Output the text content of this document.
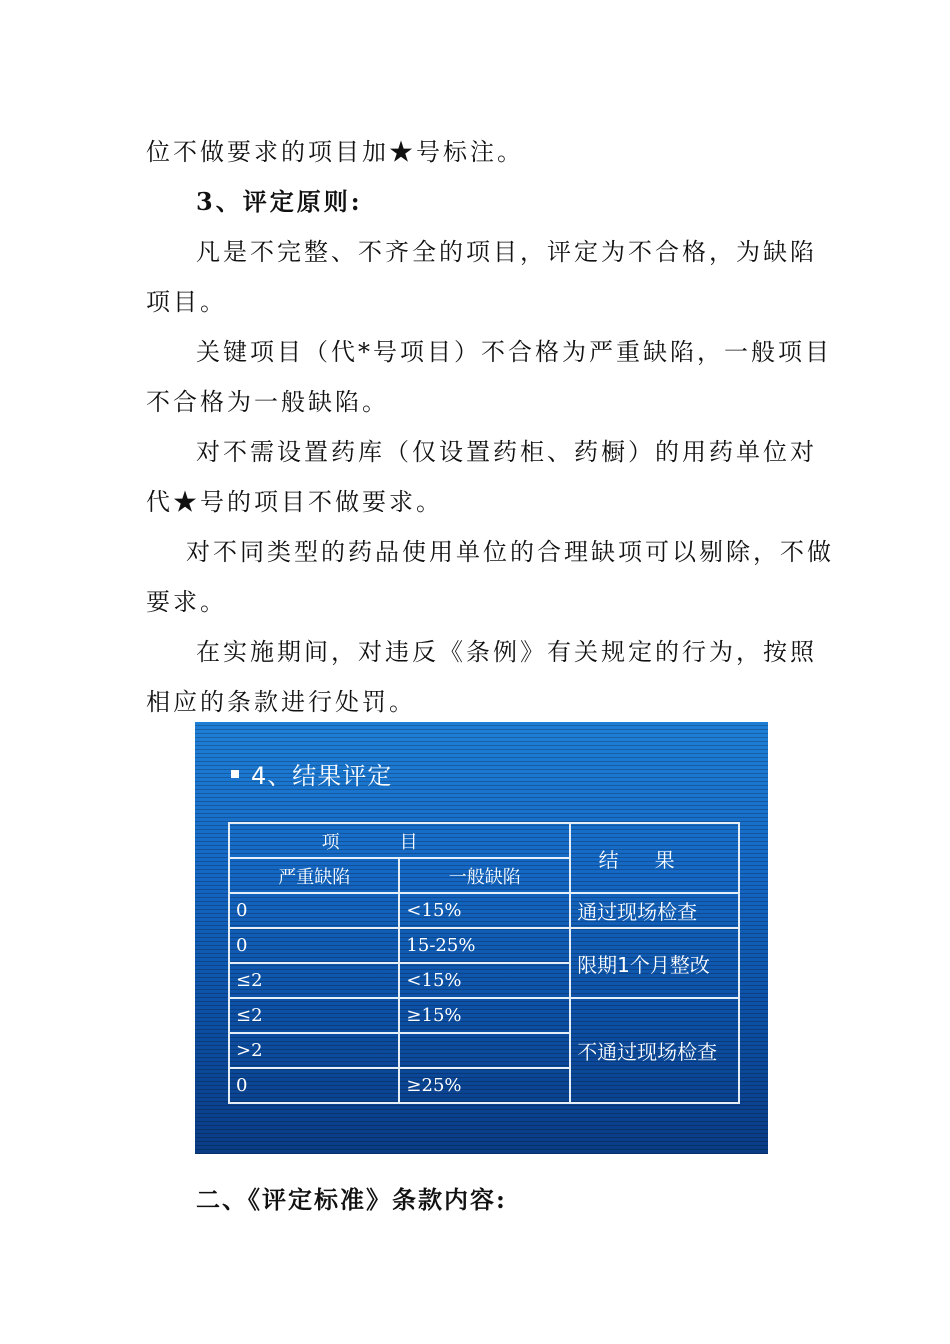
位不做要求的项目加★号标注。
3、评定原则:
凡是不完整、不齐全的项目，评定为不合格，为缺陷
项目。
关键项目（代*号项目）不合格为严重缺陷，一般项目
不合格为一般缺陷。
对不需设置药库（仅设置药柜、药橱）的用药单位对
代★号的项目不做要求。
对不同类型的药品使用单位的合理缺项可以剔除，不做
要求。
在实施期间，对违反《条例》有关规定的行为，按照
相应的条款进行处罚。
4、结果评定
项目		结果
严重缺陷	一般缺陷	
0	<15%	通过现场检查
0	15-25%	限期1个月整改
≤2	<15%	
≤2	≥15%	不通过现场检查
>2		
0	≥25%	
二、《评定标准》条款内容:
